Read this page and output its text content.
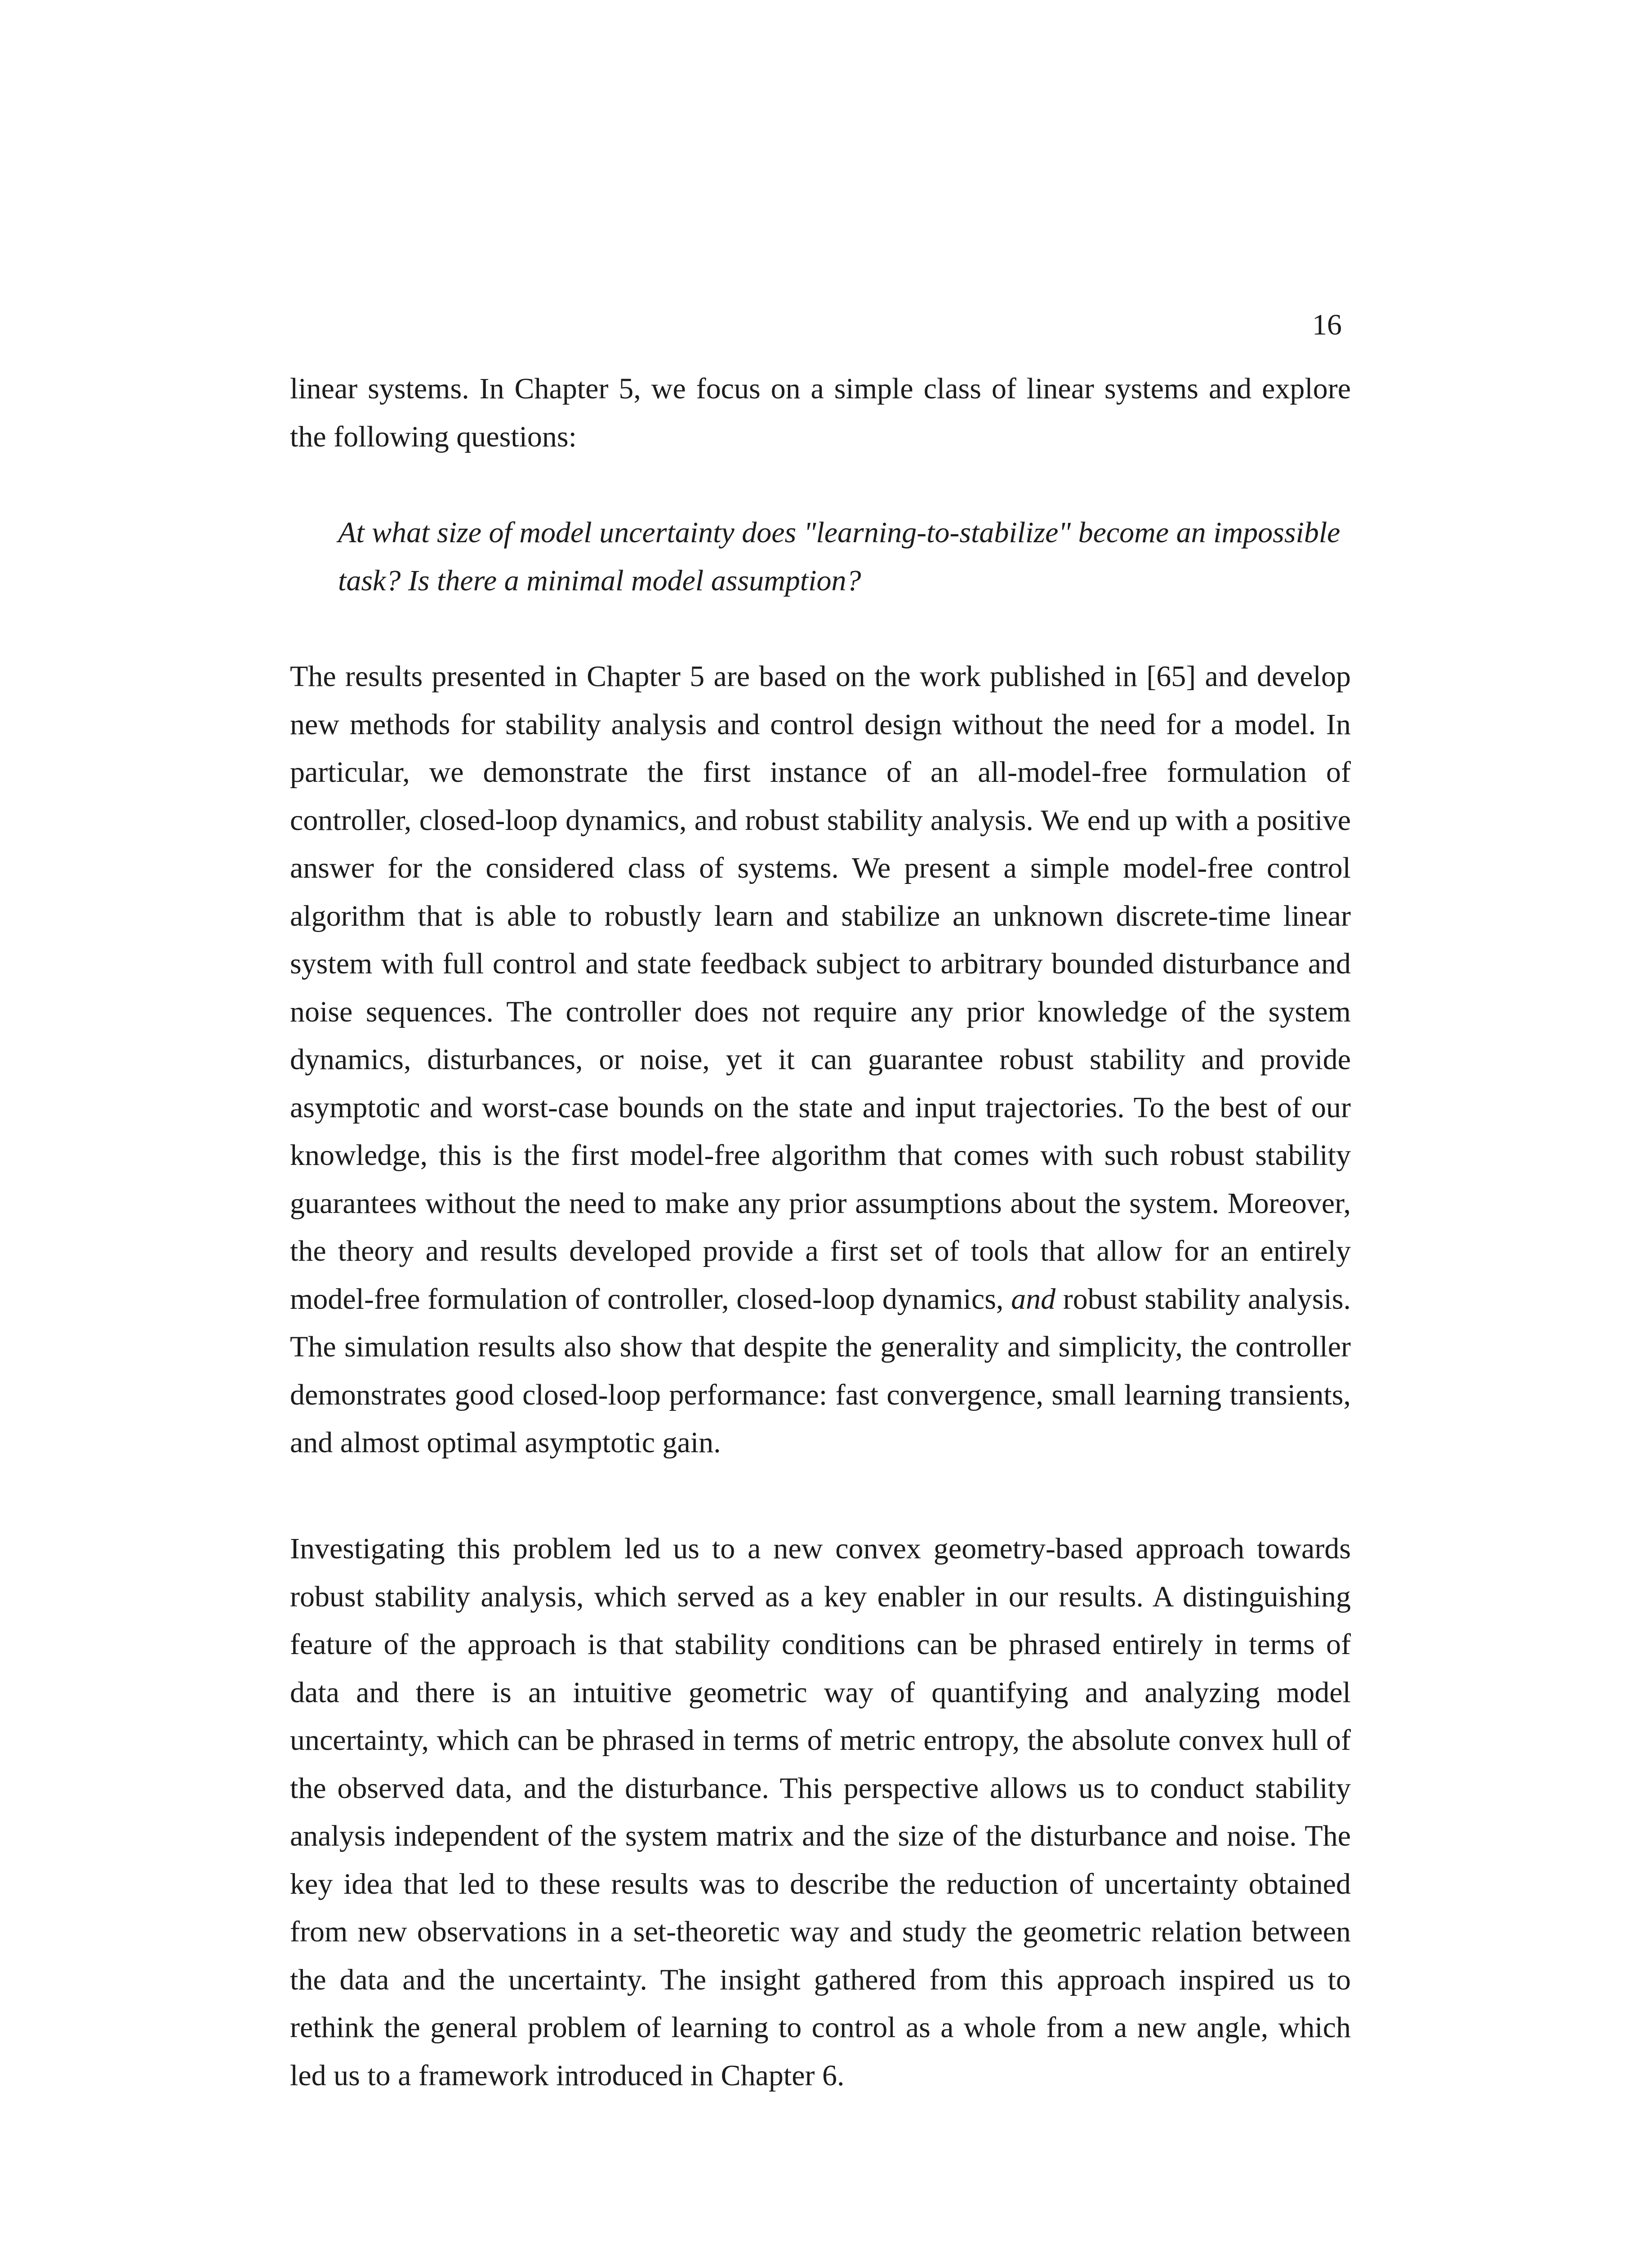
16

linear systems. In Chapter 5, we focus on a simple class of linear systems and explore the following questions:

At what size of model uncertainty does "learning-to-stabilize" become an impossible task? Is there a minimal model assumption?

The results presented in Chapter 5 are based on the work published in [65] and develop new methods for stability analysis and control design without the need for a model. In particular, we demonstrate the first instance of an all-model-free formulation of controller, closed-loop dynamics, and robust stability analysis. We end up with a positive answer for the considered class of systems. We present a simple model-free control algorithm that is able to robustly learn and stabilize an unknown discrete-time linear system with full control and state feedback subject to arbitrary bounded disturbance and noise sequences. The controller does not require any prior knowledge of the system dynamics, disturbances, or noise, yet it can guarantee robust stability and provide asymptotic and worst-case bounds on the state and input trajectories. To the best of our knowledge, this is the first model-free algorithm that comes with such robust stability guarantees without the need to make any prior assumptions about the system. Moreover, the theory and results developed provide a first set of tools that allow for an entirely model-free formulation of controller, closed-loop dynamics, and robust stability analysis. The simulation results also show that despite the generality and simplicity, the controller demonstrates good closed-loop performance: fast convergence, small learning transients, and almost optimal asymptotic gain.

Investigating this problem led us to a new convex geometry-based approach towards robust stability analysis, which served as a key enabler in our results. A distinguishing feature of the approach is that stability conditions can be phrased entirely in terms of data and there is an intuitive geometric way of quantifying and analyzing model uncertainty, which can be phrased in terms of metric entropy, the absolute convex hull of the observed data, and the disturbance. This perspective allows us to conduct stability analysis independent of the system matrix and the size of the disturbance and noise. The key idea that led to these results was to describe the reduction of uncertainty obtained from new observations in a set-theoretic way and study the geometric relation between the data and the uncertainty. The insight gathered from this approach inspired us to rethink the general problem of learning to control as a whole from a new angle, which led us to a framework introduced in Chapter 6.
